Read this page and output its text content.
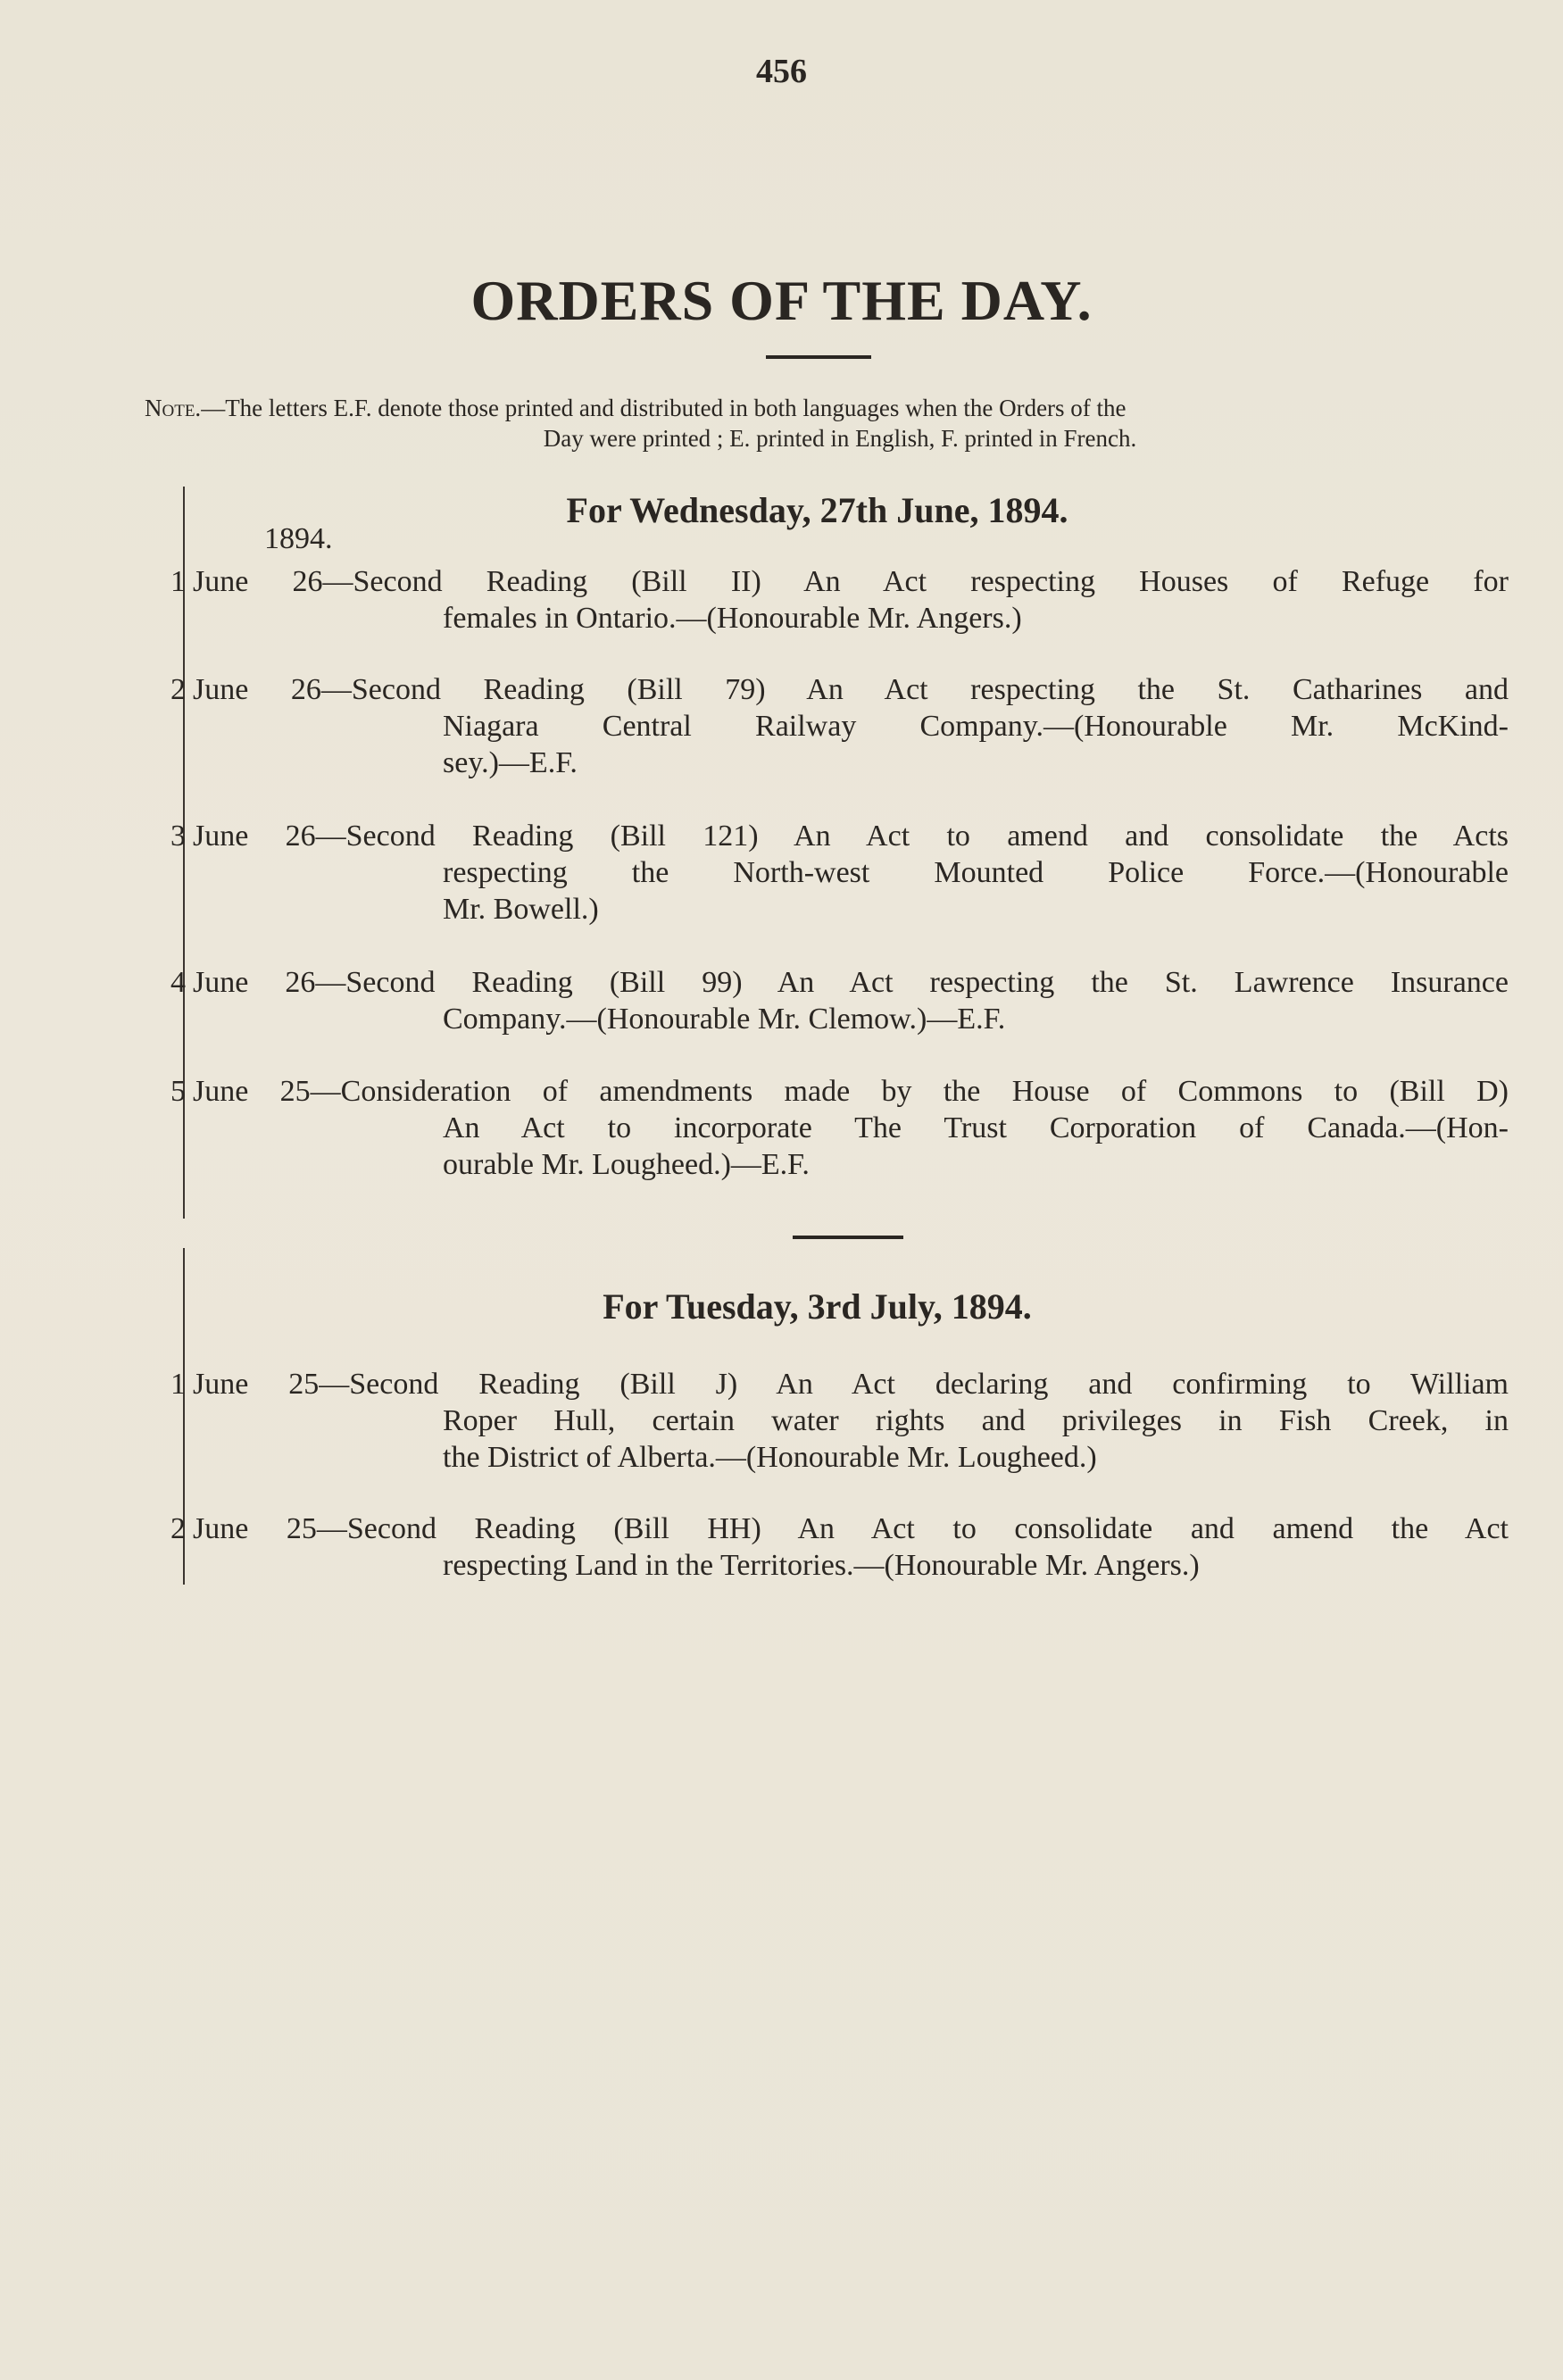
456
ORDERS OF THE DAY.
Note.—The letters E.F. denote those printed and distributed in both languages when the Orders of the
Day were printed ; E. printed in English, F. printed in French.
For Wednesday, 27th June, 1894.
1894.
1 June 26—Second Reading (Bill II) An Act respecting Houses of Refuge for
females in Ontario.—(Honourable Mr. Angers.)
2 June 26—Second Reading (Bill 79) An Act respecting the St. Catharines and
Niagara Central Railway Company.—(Honourable Mr. McKind-
sey.)—E.F.
3 June 26—Second Reading (Bill 121) An Act to amend and consolidate the Acts
respecting the North-west Mounted Police Force.—(Honourable
Mr. Bowell.)
4 June 26—Second Reading (Bill 99) An Act respecting the St. Lawrence Insurance
Company.—(Honourable Mr. Clemow.)—E.F.
5 June 25—Consideration of amendments made by the House of Commons to (Bill D)
An Act to incorporate The Trust Corporation of Canada.—(Hon-
ourable Mr. Lougheed.)—E.F.
For Tuesday, 3rd July, 1894.
1 June 25—Second Reading (Bill J) An Act declaring and confirming to William
Roper Hull, certain water rights and privileges in Fish Creek, in
the District of Alberta.—(Honourable Mr. Lougheed.)
2 June 25—Second Reading (Bill HH) An Act to consolidate and amend the Act
respecting Land in the Territories.—(Honourable Mr. Angers.)
